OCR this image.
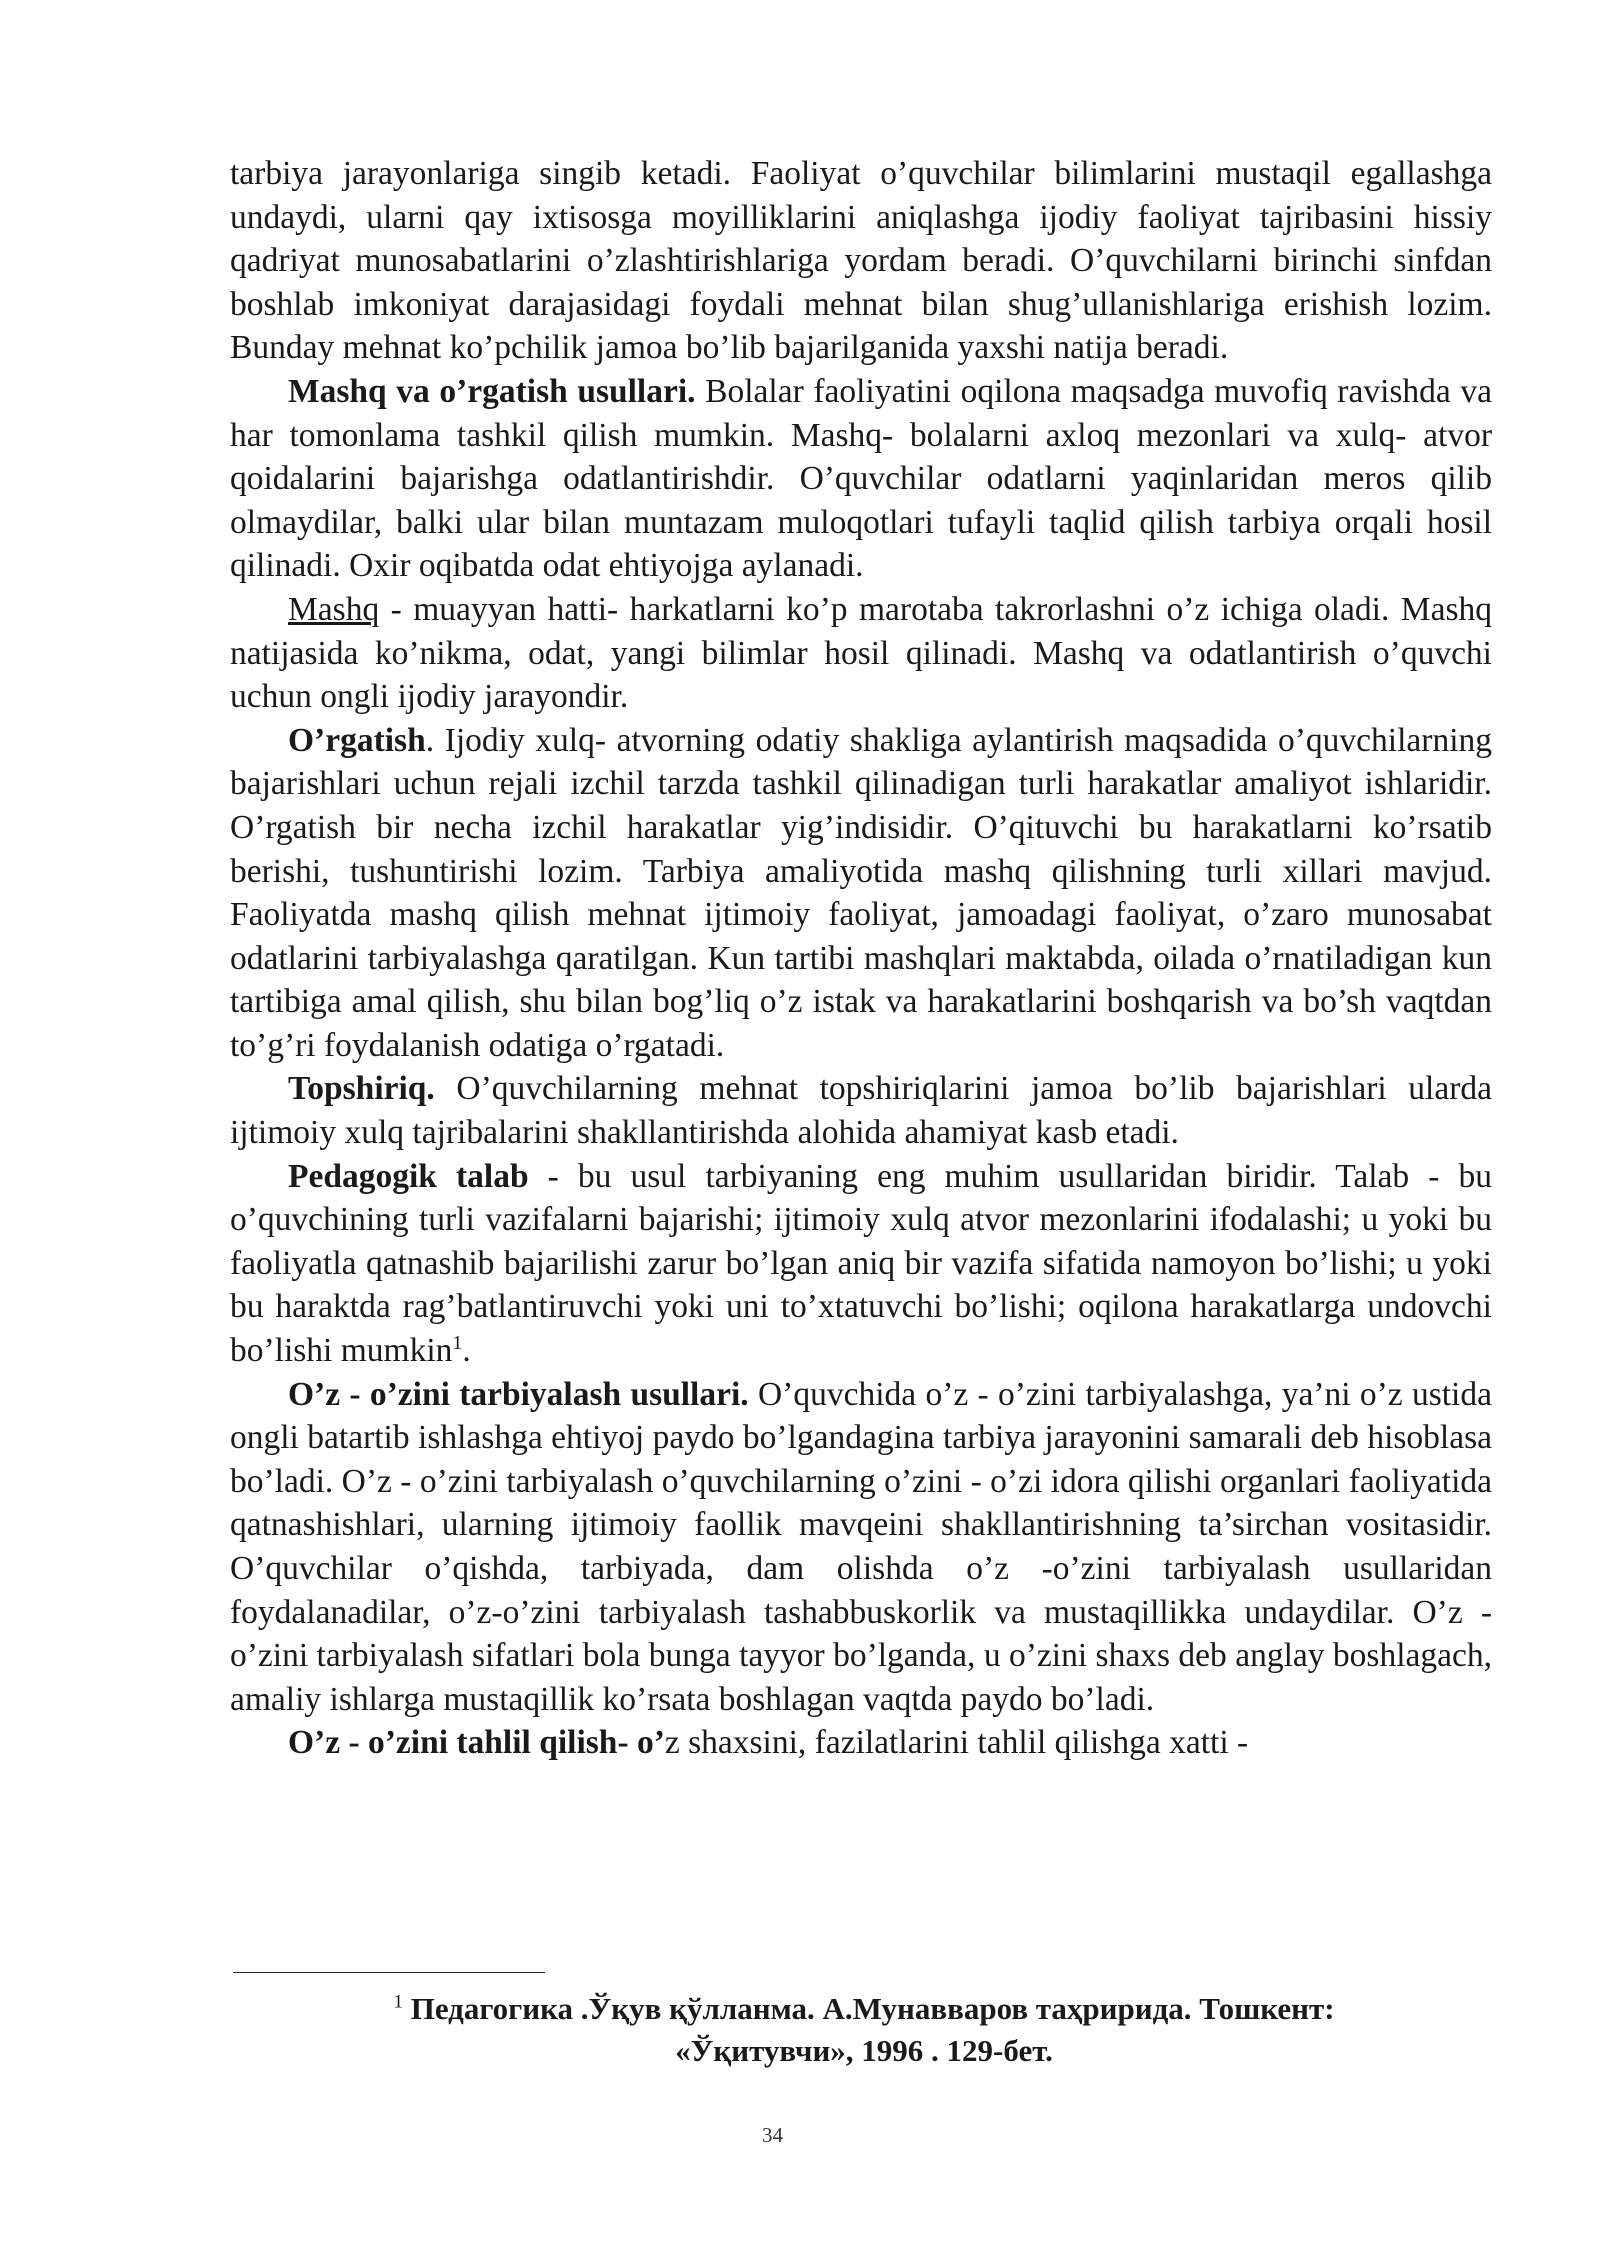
tarbiya jarayonlariga singib ketadi. Faoliyat o’quvchilar bilimlarini mustaqil egallashga undaydi, ularni qay ixtisosga moyilliklarini aniqlashga ijodiy faoliyat tajribasini hissiy qadriyat munosabatlarini o’zlashtirishlariga yordam beradi. O’quvchilarni birinchi sinfdan boshlab imkoniyat darajasidagi foydali mehnat bilan shug’ullanishlariga erishish lozim. Bunday mehnat ko’pchilik jamoa bo’lib bajarilganida yaxshi natija beradi.

Mashq va o’rgatish usullari. Bolalar faoliyatini oqilona maqsadga muvofiq ravishda va har tomonlama tashkil qilish mumkin. Mashq- bolalarni axloq mezonlari va xulq- atvor qoidalarini bajarishga odatlantirishdir. O’quvchilar odatlarni yaqinlaridan meros qilib olmaydilar, balki ular bilan muntazam muloqotlari tufayli taqlid qilish tarbiya orqali hosil qilinadi. Oxir oqibatda odat ehtiyojga aylanadi.

Mashq - muayyan hatti- harkatlarni ko’p marotaba takrorlashni o’z ichiga oladi. Mashq natijasida ko’nikma, odat, yangi bilimlar hosil qilinadi. Mashq va odatlantirish o’quvchi uchun ongli ijodiy jarayondir.

O’rgatish. Ijodiy xulq- atvorning odatiy shakliga aylantirish maqsadida o’quvchilarning bajarishlari uchun rejali izchil tarzda tashkil qilinadigan turli harakatlar amaliyot ishlaridir. O’rgatish bir necha izchil harakatlar yig’indisidir. O’qituvchi bu harakatlarni ko’rsatib berishi, tushuntirishi lozim. Tarbiya amaliyotida mashq qilishning turli xillari mavjud. Faoliyatda mashq qilish mehnat ijtimoiy faoliyat, jamoadagi faoliyat, o’zaro munosabat odatlarini tarbiyalashga qaratilgan. Kun tartibi mashqlari maktabda, oilada o’rnatiladigan kun tartibiga amal qilish, shu bilan bog’liq o’z istak va harakatlarini boshqarish va bo’sh vaqtdan to’g’ri foydalanish odatiga o’rgatadi.

Topshiriq. O’quvchilarning mehnat topshiriqlarini jamoa bo’lib bajarishlari ularda ijtimoiy xulq tajribalarini shakllantirishda alohida ahamiyat kasb etadi.

Pedagogik talab - bu usul tarbiyaning eng muhim usullaridan biridir. Talab - bu o’quvchining turli vazifalarni bajarishi; ijtimoiy xulq atvor mezonlarini ifodalashi; u yoki bu faoliyatla qatnashib bajarilishi zarur bo’lgan aniq bir vazifa sifatida namoyon bo’lishi; u yoki bu haraktda rag’batlantiruvchi yoki uni to’xtatuvchi bo’lishi; oqilona harakatlarga undovchi bo’lishi mumkin$^1$.

O’z - o’zini tarbiyalash usullari. O’quvchida o’z - o’zini tarbiyalashga, ya’ni o’z ustida ongli batartib ishlashga ehtiyoj paydo bo’lgandagina tarbiya jarayonini samarali deb hisoblasa bo’ladi. O’z - o’zini tarbiyalash o’quvchilarning o’zini - o’zi idora qilishi organlari faoliyatida qatnashishlari, ularning ijtimoiy faollik mavqeini shakllantirishning ta’sirchan vositasidir. O’quvchilar o’qishda, tarbiyada, dam olishda o’z -o’zini tarbiyalash usullaridan foydalanadilar, o’z-o’zini tarbiyalash tashabbuskorlik va mustaqillikka undaydilar. O’z - o’zini tarbiyalash sifatlari bola bunga tayyor bo’lganda, u o’zini shaxs deb anglay boshlagach, amaliy ishlarga mustaqillik ko’rsata boshlagan vaqtda paydo bo’ladi.

O’z - o’zini tahlil qilish- o’z shaxsini, fazilatlarini tahlil qilishga xatti -

$^1$ Педагогика .Ўқув қўлланма. А.Мунавваров таҳририда. Тошкент:
«Ўқитувчи», 1996 . 129-бет.
34
